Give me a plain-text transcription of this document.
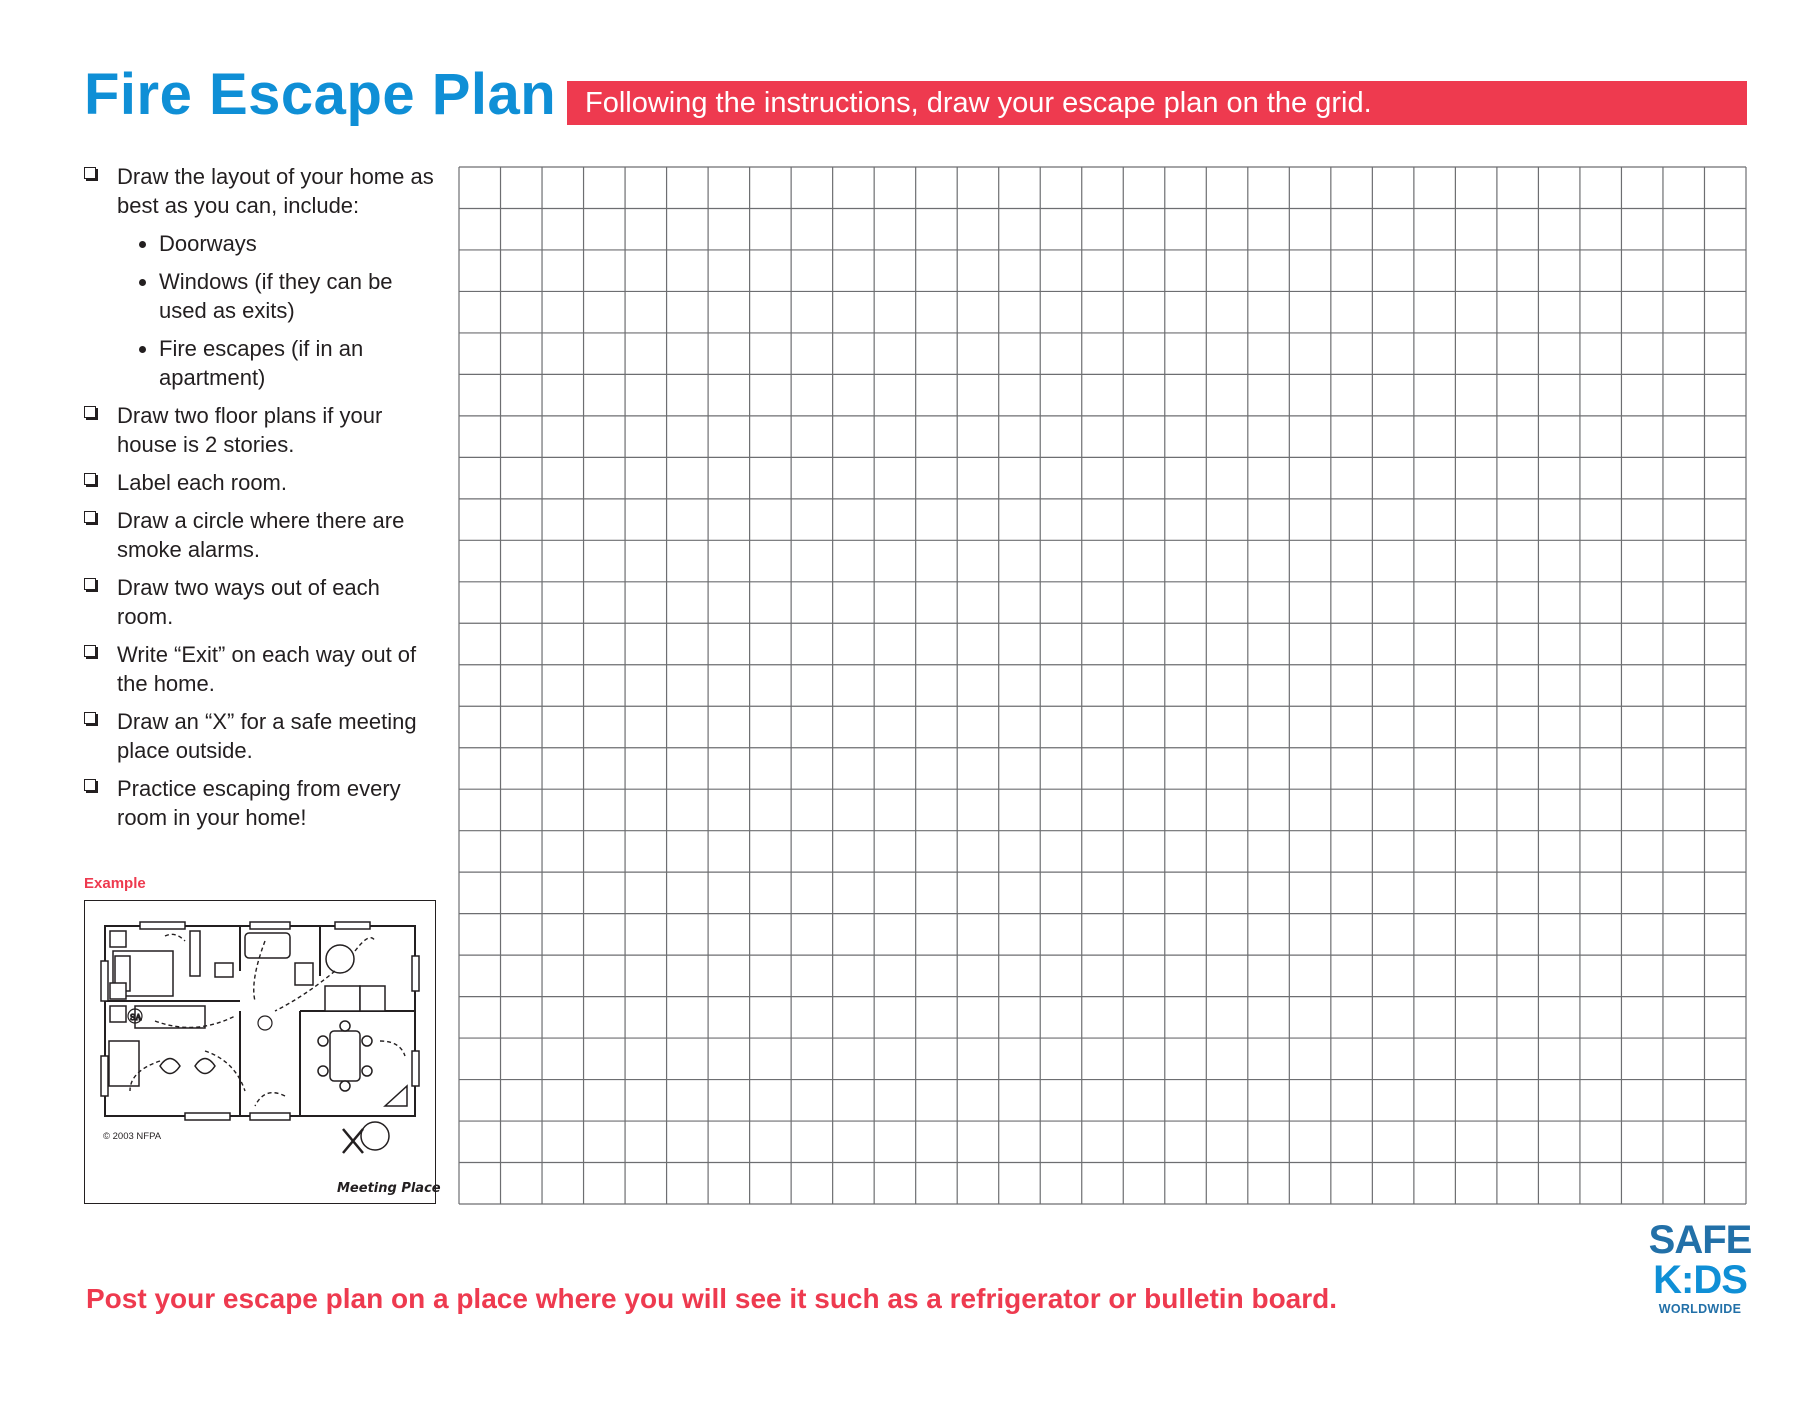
Fire Escape Plan Following the instructions, draw your escape plan on the grid.
Draw the layout of your home as best as you can, include:
Doorways
Windows (if they can be used as exits)
Fire escapes (if in an apartment)
Draw two floor plans if your house is 2 stories.
Label each room.
Draw a circle where there are smoke alarms.
Draw two ways out of each room.
Write “Exit” on each way out of the home.
Draw an “X” for a safe meeting place outside.
Practice escaping from every room in your home!
Example
SA
© 2003 NFPA
Meeting Place
Post your escape plan on a place where you will see it such as a refrigerator or bulletin board.
SAFE
K:DS
WORLDWIDE
